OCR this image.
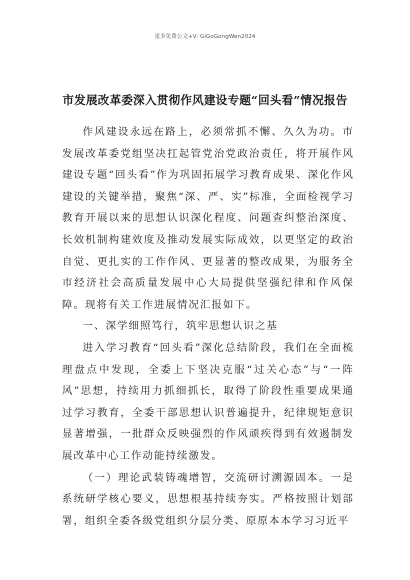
更多免费公文+V: GiGoGongWen2024
市发展改革委深入贯彻作风建设专题“回头看”情况报告

作风建设永远在路上，必须常抓不懈、久久为功。市发展改革委党组坚决扛起管党治党政治责任，将开展作风建设专题“回头看”作为巩固拓展学习教育成果、深化作风建设的关键举措，聚焦“深、严、实”标准，全面检视学习教育开展以来的思想认识深化程度、问题查纠整治深度、长效机制构建效度及推动发展实际成效，以更坚定的政治自觉、更扎实的工作作风、更显著的整改成果，为服务全市经济社会高质量发展中心大局提供坚强纪律和作风保障。现将有关工作进展情况汇报如下。

一、深学细照笃行，筑牢思想认识之基

进入学习教育“回头看”深化总结阶段，我们在全面梳理盘点中发现，全委上下坚决克服“过关心态”与“一阵风”思想，持续用力抓细抓长，取得了阶段性重要成果通过学习教育，全委干部思想认识普遍提升，纪律规矩意识显著增强，一批群众反映强烈的作风顽疾得到有效遏制发展改革中心工作动能持续激发。

（一）理论武装铸魂增智，交流研讨溯源固本。一是系统研学核心要义，思想根基持续夯实。严格按照计划部署，组织全委各级党组织分层分类、原原本本学习习近平
